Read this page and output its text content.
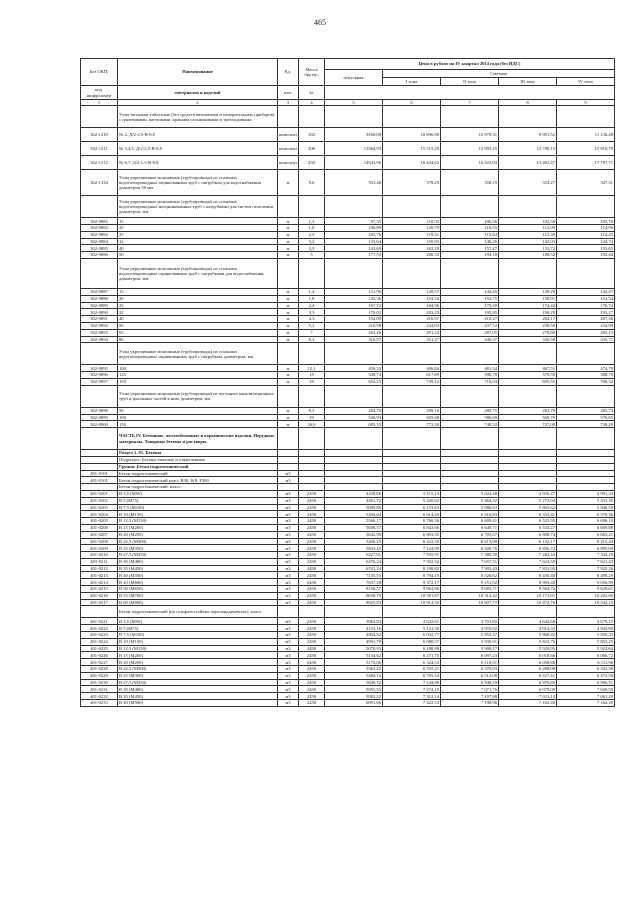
465
Без ОКП,	Наименование	Ед.	Масса
брутто,	Цена в рублях на IV квартал 2014 года (без НДС)				
				отпускная	Сметная			
					I зона	II зона	III зона	IV зона

код,
шифр/номер	материалов и изделий	изм.	кг					
1	2	3	4	5	6	7	8	9
	Узлы тепловые таблетные (без средств автоматики и измерительных приборов) с грязевиками, катушками, кранами сальниковыми и трехходовыми							
302-1210	№ 2, Д/2-2,5-В-0,8	комплект	182	9160,09	10 696,90	10 979,31	9 901,52	11 136,48
302-1211	№ 3,4,5, Д/2-2,5-В-0,8	комплект	306	13564,93	15 515,29	15 995,25	12 788,15	15 918,79
302-1212	№ 6,7, Д/2-1,5-В-0,8	комплект	450	14541,96	16 434,62	16 923,94	13 463,47	17 797,71
302-1334	Узлы укрупненные монтажные (трубопроводы) из стальных водогазопроводных оцинкованных труб с патрубком для водоснабжения диаметром 50 мм	м	9,6	331,46	378,25	358,19	333,27	347,31
	Узлы укрупненные монтажные (трубопроводы) из стальных водогазопроводных неоцинкованных труб с патрубками для систем отопления, диаметром, мм							
302-0883	15	м	1,3	97,35	110,93	106,56	102,50	105,19
302-0882	20	м	1,8	106,89	120,79	116,55	112,00	114,96
302-0884	25	м	2,5	105,76	119,41	115,64	112,39	114,43
302-0884	32	м	3,2	133,64	150,93	146,26	142,03	144,74
302-0885	40	м	3,5	143,69	162,29	157,27	152,72	155,65
302-0886	50	м	5	177,53	200,33	194,10	188,52	192,44
	Узлы укрупненные монтажные (трубопроводы) из стальных водогазопроводных оцинкованных труб с патрубками для водоснабжения, диаметром, мм							
302-0887	15	м	1,4	131,96	149,57	144,45	139,29	142,47
302-0888	20	м	1,8	135,36	153,54	154,75	150,91	152,54
302-0889	25	м	2,4	167,72	184,96	179,20	174,42	176,74
302-0890	32	м	3,3	179,02	202,23	195,95	190,29	193,27
302-0891	40	м	4,3	192,09	216,97	210,27	204,17	207,36
302-0892	50	м	5,2	216,98	244,93	237,52	230,50	234,09
302-0893	65	м	7	262,26	291,24	287,05	278,80	283,13
302-0894	80	м	8,3	310,97	351,27	340,37	330,58	335,71
	Узлы укрупненные монтажные (трубопроводы) из стальных водогазопроводных оцинкованных труб с патрубком, диаметром, мм							
302-0895	100	м	12,1	459,53	486,84	481,34	467,51	474,78
302-0896	125	м	15	549,74	617,89	596,78	579,59	588,70
302-0897	150	м	18	654,23	739,12	716,04	695,55	708,32
	Узлы укрупненные монтажные (трубопроводы) из чугунных канализационных труб и фасонных частей к ним, диаметром, мм							
302-0898	50	м	8,3	264,70	299,10	289,75	283,79	285,74
302-0899	100	м	19	536,93	605,68	586,69	569,79	576,65
302-0900	150	м	26,6	683,35	772,30	748,32	727,00	738,20
	ЧАСТЬ IV. Бетонные, железобетонные и керамические изделия. Нерудные материалы. Товарные бетоны и растворы.							
	Раздел 1. 01. Бетоны							
	Подраздел: Бетоны тяжелые и утяжеленные							
	Группа: Бетон гидротехнический							
401-0101	Бетон гидротехнический	м3						
401-0101	Бетон гидротехнический класс B30, W8, F300	м3						
	Бетон гидротехнический, класс:							
401-0201	B 3,5 (M50)	м3	2450	4228,86	5 115,13	5 024,48	4 935,27	4 991,23
401-0202	B 5 (M75)	м3	2450	4461,72	5 420,62	5 464,32	5 273,94	5 431,35
401-0203	B 7,5 (M100)	м3	2450	5099,86	6 153,63	5 986,63	5 865,62	5 948,59
401-0204	B 10 (M150)	м3	2450	5494,64	6 614,43	6 416,83	6 333,41	6 378,36
401-0205	B 12,5 (M150)	м3	2450	5566,17	6 766,56	6 609,41	6 525,95	6 606,14
401-0206	B 15 (M200)	м3	2450	5608,57	6 843,66	6 649,71	6 533,27	6 669,88
401-0207	B 20 (M250)	м3	2450	5642,99	6 893,35	6 705,67	6 688,74	6 663,21
401-0208	B 22,5 (M300)	м3	2450	5266,25	6 422,35	6 213,98	6 132,17	6 215,44
401-0209	B 25 (M350)	м3	2450	5833,45	7 124,99	6 926,76	6 856,72	6 895,09
401-0210	B 27,5 (M350)	м3	2450	6227,91	7 595,91	7 388,50	7 282,44	7 344,19
401-0211	B 30 (M400)	м3	2450	6476,24	7 932,32	7 657,51	7 624,59	7 621,43
401-0212	B 35 (M450)	м3	2450	6701,24	8 190,82	7 903,43	7 831,95	7 925,26
401-0213	B 40 (M500)	м3	2450	7135,55	8 794,19	8 526,62	8 430,40	8 498,29
401-0214	B 45 (M600)	м3	2450	7637,28	9 372,17	9 151,92	8 993,40	9 056,99
401-0215	B 50 (M650)	м3	2450	8156,57	9 964,86	9 683,71	9 564,72	9 629,61
401-0216	B 55 (M700)	м3	2450	8658,79	10 581,87	10 314,42	10 171,01	10 202,60
401-0217	B 60 (M800)	м3	2450	8925,93	10 914,33	10 607,77	10 472,76	10 542,15
	Бетон гидротехнический (на сульфатостойких портландцементах), класс:							
401-0221	B 3,5 (M50)	м3	2450	3964,83	4 842,61	4 701,82	4 644,68	4 679,15
401-0222	B 5 (M75)	м3	2450	4153,16	5 121,50	4 970,82	4 914,33	4 943,89
401-0223	B 7,5 (M100)	м3	2450	4904,32	6 032,77	5 853,37	5 808,82	5 850,33
401-0224	B 10 (M150)	м3	2450	4991,78	6 080,57	5 930,91	5 823,75	5 853,25
401-0225	B 12,5 (M150)	м3	2450	5070,95	6 180,99	5 908,17	5 920,03	5 922,64
401-0226	B 15 (M200)	м3	2450	5134,62	6 271,75	6 097,23	6 018,66	6 066,72
401-0227	B 20 (M250)	м3	2450	5170,06	6 324,53	6 118,51	6 058,86	6 111,96
401-0228	B 22,5 (M300)	м3	2450	5363,25	6 555,21	6 379,93	6 288,08	6 332,36
401-0229	B 25 (M300)	м3	2450	5484,12	6 705,54	6 512,08	6 427,41	6 472,58
401-0230	B 27,5 (M350)	м3	2450	5849,72	7 144,89	6 948,19	6 870,85	6 906,51
401-0231	B 30 (M400)	м3	2450	5955,55	7 274,19	7 071,76	6 979,09	7 028,59
401-0232	B 35 (M450)	м3	2450	5982,52	7 312,14	7 107,88	7 011,14	7 061,29
401-0233	B 40 (M500)	м3	2450	6091,66	7 422,53	7 198,96	7 162,40	7 164,29
